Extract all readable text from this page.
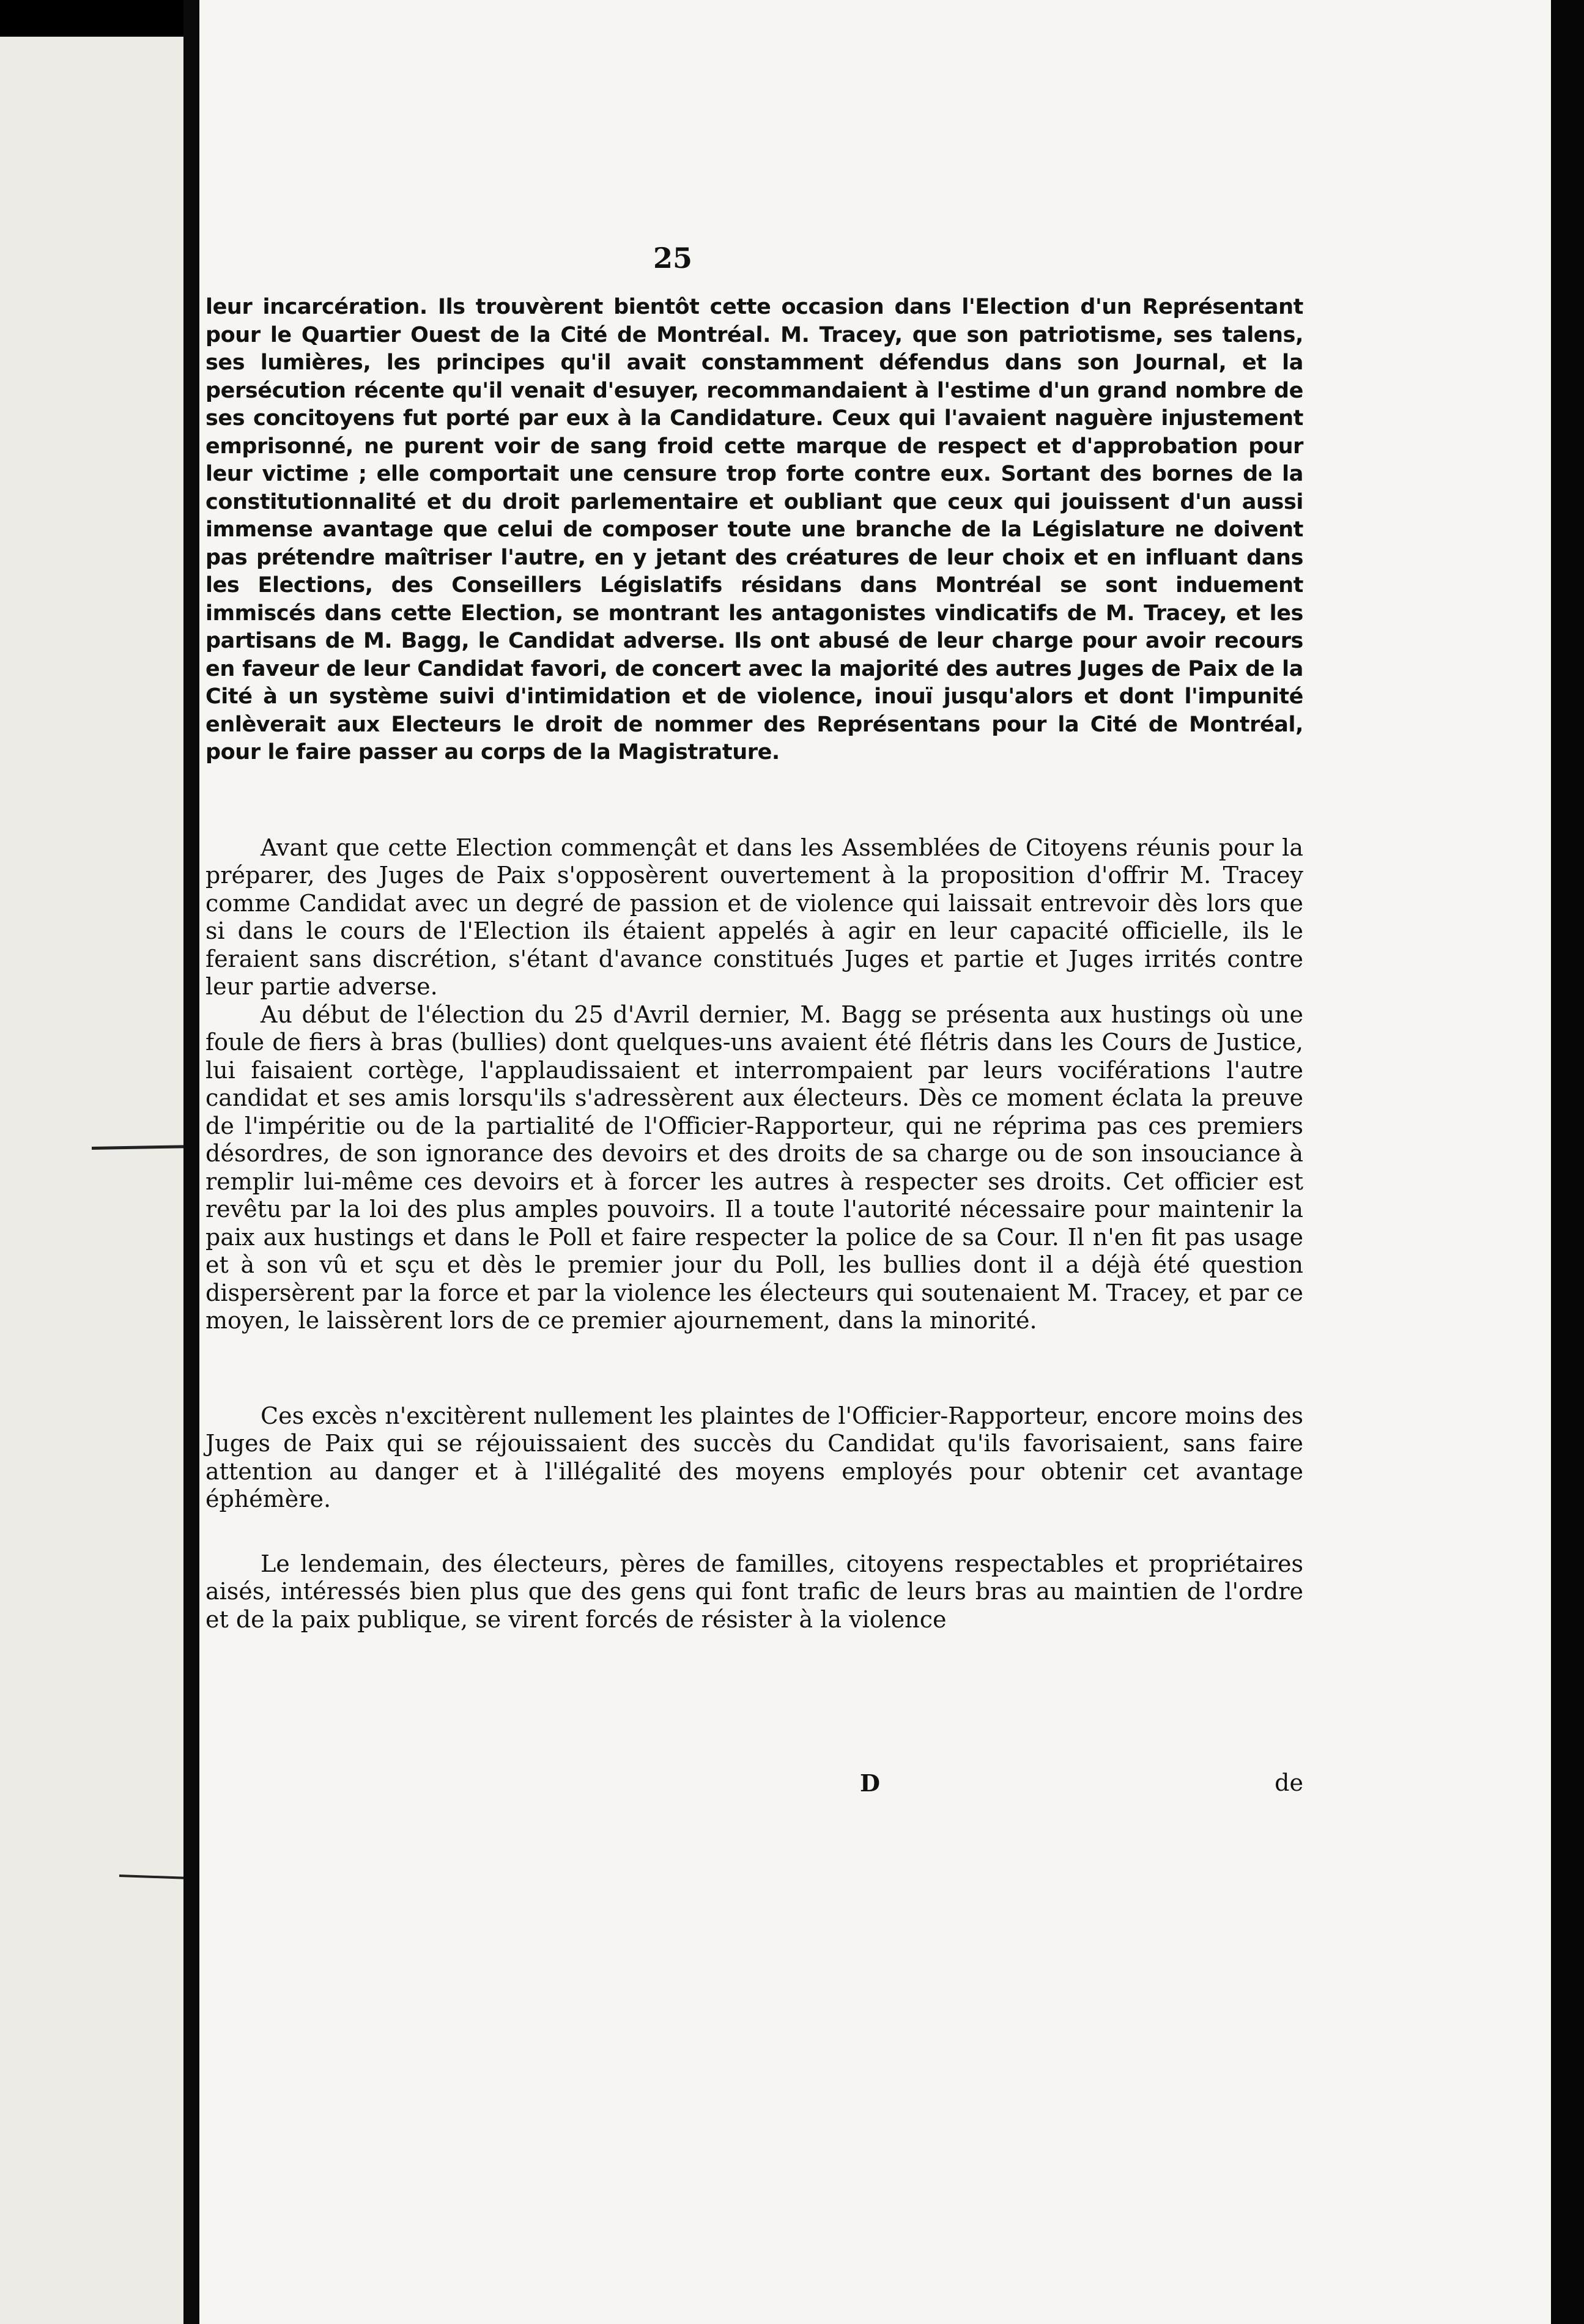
25

leur incarcération. Ils trouvèrent bientôt cette occasion dans l'Election d'un Représentant pour le Quartier Ouest de la Cité de Montréal. M. Tracey, que son patriotisme, ses talens, ses lumières, les principes qu'il avait constamment défendus dans son Journal, et la persécution récente qu'il venait d'esuyer, recommandaient à l'estime d'un grand nombre de ses concitoyens fut porté par eux à la Candidature. Ceux qui l'avaient naguère injustement emprisonné, ne purent voir de sang froid cette marque de respect et d'approbation pour leur victime ; elle comportait une censure trop forte contre eux. Sortant des bornes de la constitutionnalité et du droit parlementaire et oubliant que ceux qui jouissent d'un aussi immense avantage que celui de composer toute une branche de la Législature ne doivent pas prétendre maîtriser l'autre, en y jetant des créatures de leur choix et en influant dans les Elections, des Conseillers Législatifs résidans dans Montréal se sont induement immiscés dans cette Election, se montrant les antagonistes vindicatifs de M. Tracey, et les partisans de M. Bagg, le Candidat adverse. Ils ont abusé de leur charge pour avoir recours en faveur de leur Candidat favori, de concert avec la majorité des autres Juges de Paix de la Cité à un système suivi d'intimidation et de violence, inouï jusqu'alors et dont l'impunité enlèverait aux Electeurs le droit de nommer des Représentans pour la Cité de Montréal, pour le faire passer au corps de la Magistrature.

Avant que cette Election commençât et dans les Assemblées de Citoyens réunis pour la préparer, des Juges de Paix s'opposèrent ouvertement à la proposition d'offrir M. Tracey comme Candidat avec un degré de passion et de violence qui laissait entrevoir dès lors que si dans le cours de l'Election ils étaient appelés à agir en leur capacité officielle, ils le feraient sans discrétion, s'étant d'avance constitués Juges et partie et Juges irrités contre leur partie adverse.

Au début de l'élection du 25 d'Avril dernier, M. Bagg se présenta aux hustings où une foule de fiers à bras (bullies) dont quelques-uns avaient été flétris dans les Cours de Justice, lui faisaient cortège, l'applaudissaient et interrompaient par leurs vociférations l'autre candidat et ses amis lorsqu'ils s'adressèrent aux électeurs. Dès ce moment éclata la preuve de l'impéritie ou de la partialité de l'Officier-Rapporteur, qui ne réprima pas ces premiers désordres, de son ignorance des devoirs et des droits de sa charge ou de son insouciance à remplir lui-même ces devoirs et à forcer les autres à respecter ses droits. Cet officier est revêtu par la loi des plus amples pouvoirs. Il a toute l'autorité nécessaire pour maintenir la paix aux hustings et dans le Poll et faire respecter la police de sa Cour. Il n'en fit pas usage et à son vû et sçu et dès le premier jour du Poll, les bullies dont il a déjà été question dispersèrent par la force et par la violence les électeurs qui soutenaient M. Tracey, et par ce moyen, le laissèrent lors de ce premier ajournement, dans la minorité.

Ces excès n'excitèrent nullement les plaintes de l'Officier-Rapporteur, encore moins des Juges de Paix qui se réjouissaient des succès du Candidat qu'ils favorisaient, sans faire attention au danger et à l'illégalité des moyens employés pour obtenir cet avantage éphémère.

Le lendemain, des électeurs, pères de familles, citoyens respectables et propriétaires aisés, intéressés bien plus que des gens qui font trafic de leurs bras au maintien de l'ordre et de la paix publique, se virent forcés de résister à la violence

D	de
